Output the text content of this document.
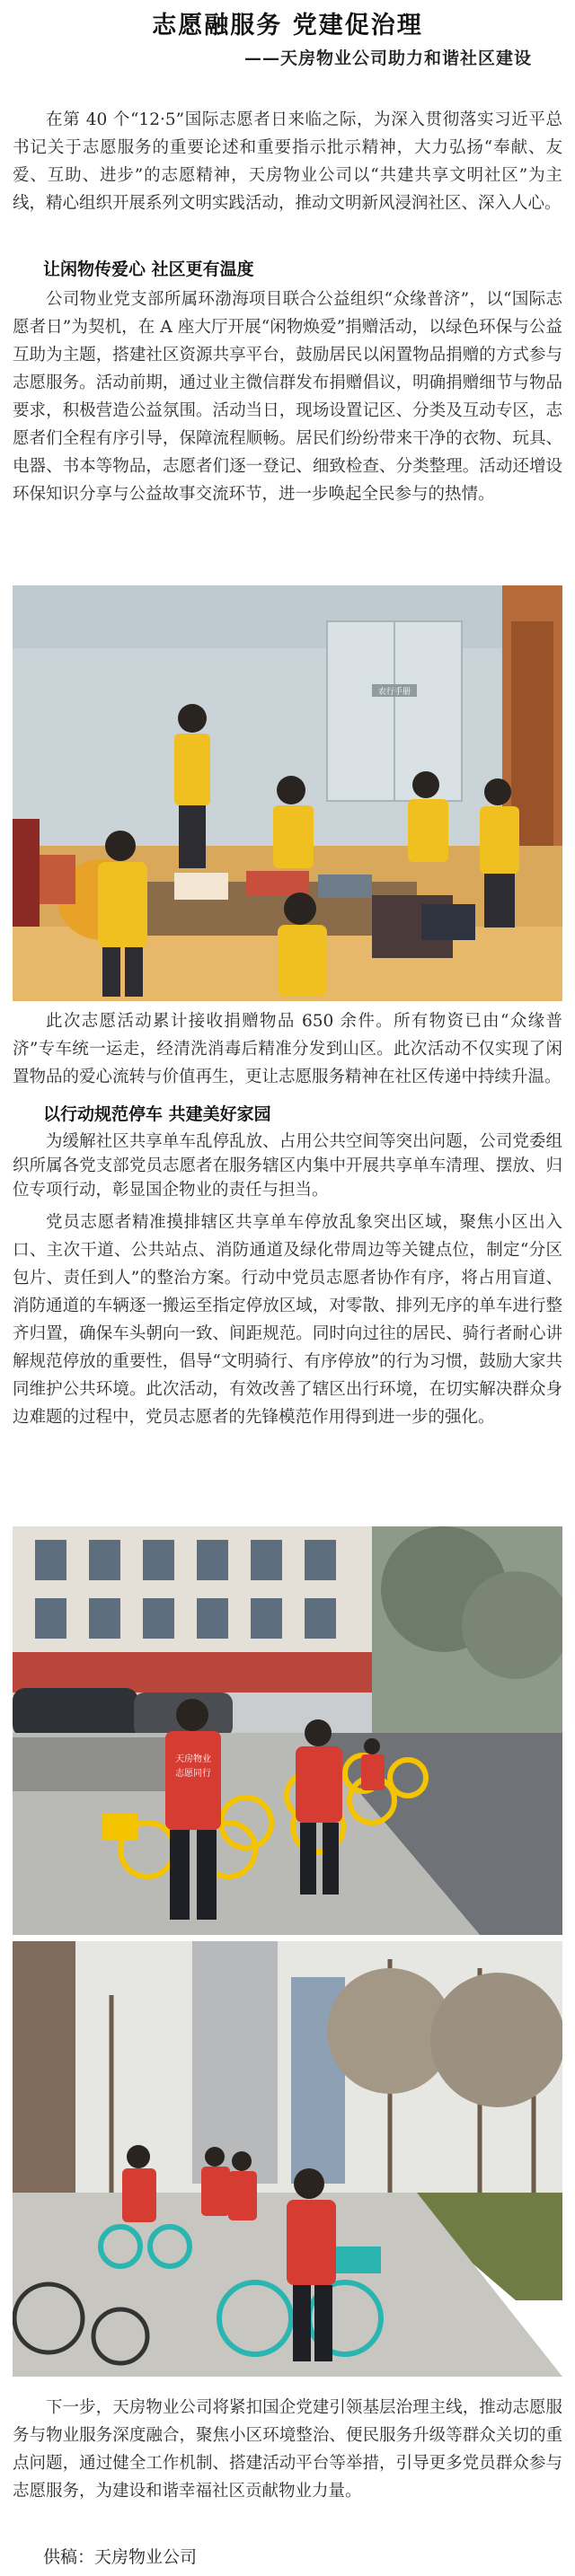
志愿融服务 党建促治理
——天房物业公司助力和谐社区建设

在第 40 个“12·5”国际志愿者日来临之际，为深入贯彻落实习近平总书记关于志愿服务的重要论述和重要指示批示精神，大力弘扬“奉献、友爱、互助、进步”的志愿精神，天房物业公司以“共建共享文明社区”为主线，精心组织开展系列文明实践活动，推动文明新风浸润社区、深入人心。

让闲物传爱心 社区更有温度

公司物业党支部所属环渤海项目联合公益组织“众缘普济”，以“国际志愿者日”为契机，在 A 座大厅开展“闲物焕爱”捐赠活动，以绿色环保与公益互助为主题，搭建社区资源共享平台，鼓励居民以闲置物品捐赠的方式参与志愿服务。活动前期，通过业主微信群发布捐赠倡议，明确捐赠细节与物品要求，积极营造公益氛围。活动当日，现场设置记区、分类及互动专区，志愿者们全程有序引导，保障流程顺畅。居民们纷纷带来干净的衣物、玩具、电器、书本等物品，志愿者们逐一登记、细致检查、分类整理。活动还增设环保知识分享与公益故事交流环节，进一步唤起全民参与的热情。

农行手册

此次志愿活动累计接收捐赠物品 650 余件。所有物资已由“众缘普济”专车统一运走，经清洗消毒后精准分发到山区。此次活动不仅实现了闲置物品的爱心流转与价值再生，更让志愿服务精神在社区传递中持续升温。

以行动规范停车 共建美好家园

为缓解社区共享单车乱停乱放、占用公共空间等突出问题，公司党委组织所属各党支部党员志愿者在服务辖区内集中开展共享单车清理、摆放、归位专项行动，彰显国企物业的责任与担当。

党员志愿者精准摸排辖区共享单车停放乱象突出区域，聚焦小区出入口、主次干道、公共站点、消防通道及绿化带周边等关键点位，制定“分区包片、责任到人”的整治方案。行动中党员志愿者协作有序，将占用盲道、消防通道的车辆逐一搬运至指定停放区域，对零散、排列无序的单车进行整齐归置，确保车头朝向一致、间距规范。同时向过往的居民、骑行者耐心讲解规范停放的重要性，倡导“文明骑行、有序停放”的行为习惯，鼓励大家共同维护公共环境。此次活动，有效改善了辖区出行环境，在切实解决群众身边难题的过程中，党员志愿者的先锋模范作用得到进一步的强化。

天房物业
志愿同行

下一步，天房物业公司将紧扣国企党建引领基层治理主线，推动志愿服务与物业服务深度融合，聚焦小区环境整治、便民服务升级等群众关切的重点问题，通过健全工作机制、搭建活动平台等举措，引导更多党员群众参与志愿服务，为建设和谐幸福社区贡献物业力量。

供稿：天房物业公司
